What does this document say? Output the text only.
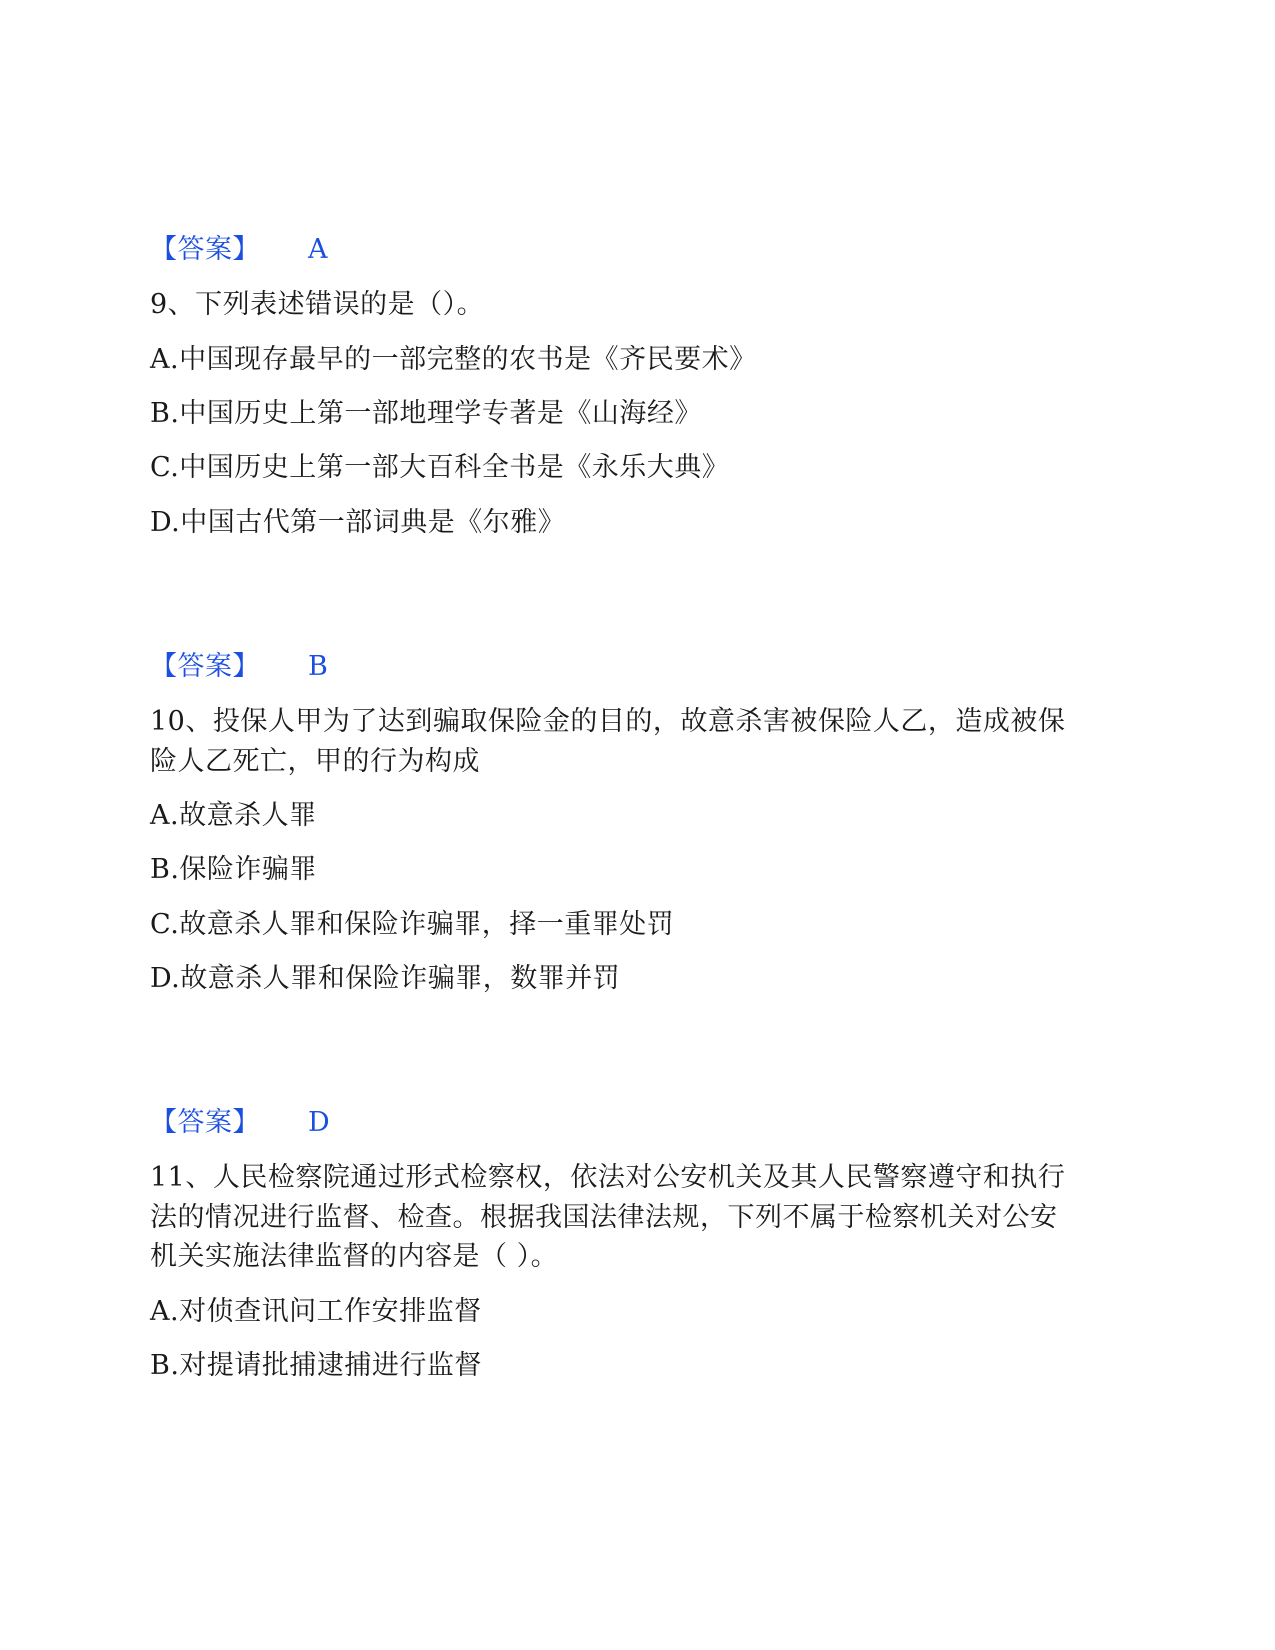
【答案】 A
9、下列表述错误的是（）。
A.中国现存最早的一部完整的农书是《齐民要术》
B.中国历史上第一部地理学专著是《山海经》
C.中国历史上第一部大百科全书是《永乐大典》
D.中国古代第一部词典是《尔雅》
【答案】 B
10、投保人甲为了达到骗取保险金的目的，故意杀害被保险人乙，造成被保
险人乙死亡，甲的行为构成
A.故意杀人罪
B.保险诈骗罪
C.故意杀人罪和保险诈骗罪，择一重罪处罚
D.故意杀人罪和保险诈骗罪，数罪并罚
【答案】 D
11、人民检察院通过形式检察权，依法对公安机关及其人民警察遵守和执行
法的情况进行监督、检查。根据我国法律法规，下列不属于检察机关对公安
机关实施法律监督的内容是（ ）。
A.对侦查讯问工作安排监督
B.对提请批捕逮捕进行监督
